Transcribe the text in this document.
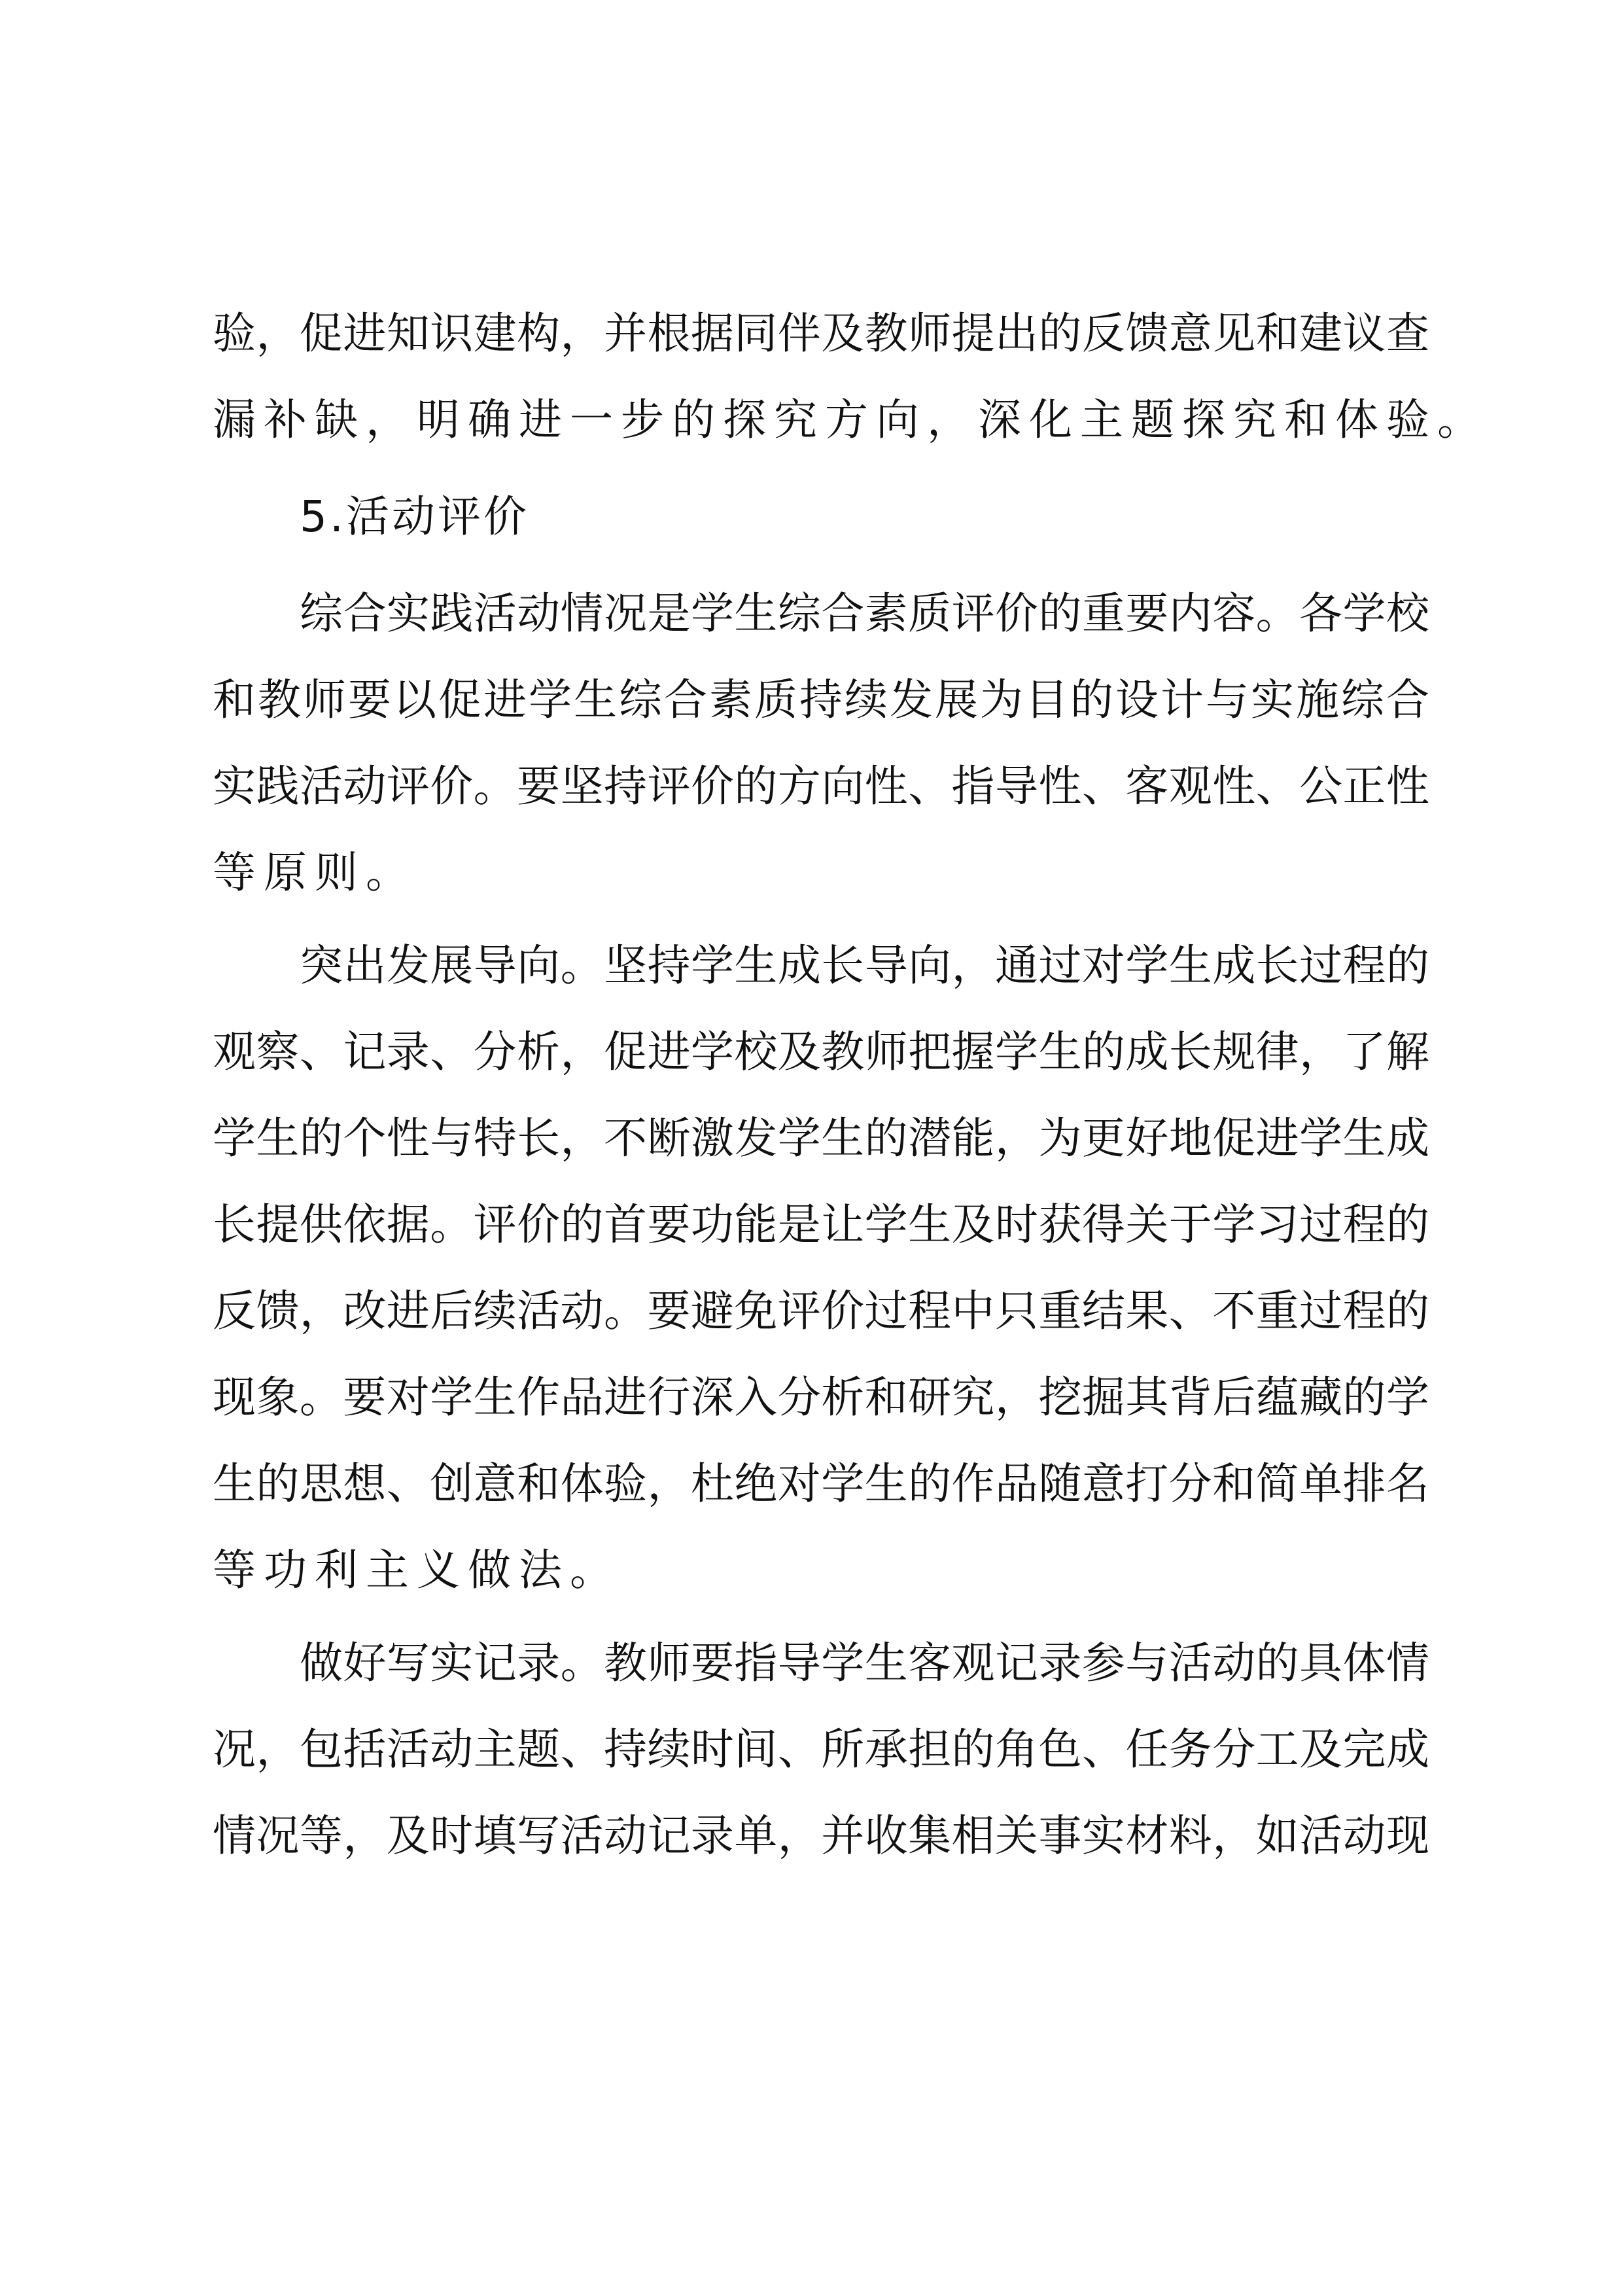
验，促进知识建构，并根据同伴及教师提出的反馈意见和建议查
漏补缺，明确进一步的探究方向，深化主题探究和体验。
5.活动评价
综合实践活动情况是学生综合素质评价的重要内容。各学校
和教师要以促进学生综合素质持续发展为目的设计与实施综合
实践活动评价。要坚持评价的方向性、指导性、客观性、公正性
等原则。
突出发展导向。坚持学生成长导向，通过对学生成长过程的
观察、记录、分析，促进学校及教师把握学生的成长规律，了解
学生的个性与特长，不断激发学生的潜能，为更好地促进学生成
长提供依据。评价的首要功能是让学生及时获得关于学习过程的
反馈，改进后续活动。要避免评价过程中只重结果、不重过程的
现象。要对学生作品进行深入分析和研究，挖掘其背后蕴藏的学
生的思想、创意和体验，杜绝对学生的作品随意打分和简单排名
等功利主义做法。
做好写实记录。教师要指导学生客观记录参与活动的具体情
况，包括活动主题、持续时间、所承担的角色、任务分工及完成
情况等，及时填写活动记录单，并收集相关事实材料，如活动现
